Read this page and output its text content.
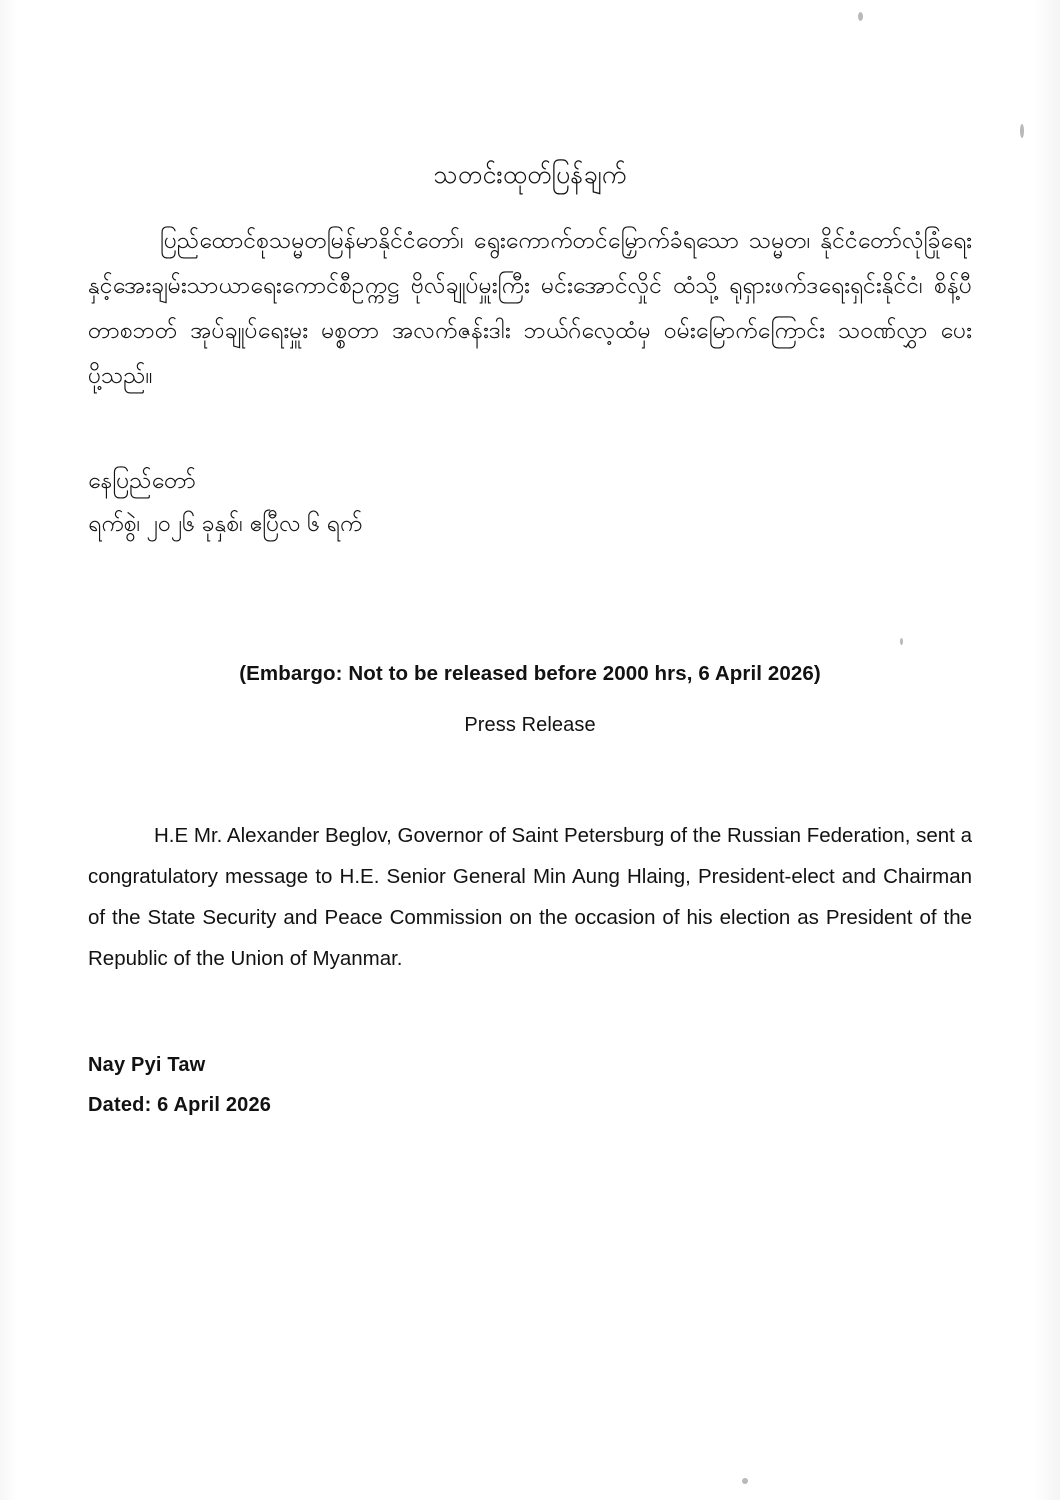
သတင်းထုတ်ပြန်ချက်
ပြည်ထောင်စုသမ္မတမြန်မာနိုင်ငံတော်၊ ရွေးကောက်တင်မြှောက်ခံရသော သမ္မတ၊ နိုင်ငံတော်လုံခြုံရေးနှင့်အေးချမ်းသာယာရေးကောင်စီဥက္ကဋ္ဌ ဗိုလ်ချုပ်မှူးကြီး မင်းအောင်လှိုင် ထံသို့ ရုရှားဖက်ဒရေးရှင်းနိုင်ငံ၊ စိန့်ပီတာစဘတ် အုပ်ချုပ်ရေးမှူး မစ္စတာ အလက်ဇန်းဒါး ဘယ်ဂ်လေ့ထံမှ ဝမ်းမြောက်ကြောင်း သဝဏ်လွှာ ပေးပို့သည်။
နေပြည်တော်
ရက်စွဲ၊ ၂၀၂၆ ခုနှစ်၊ ဧပြီလ ၆ ရက်
(Embargo: Not to be released before 2000 hrs, 6 April 2026)
Press Release
H.E Mr. Alexander Beglov, Governor of Saint Petersburg of the Russian Federation, sent a congratulatory message to H.E. Senior General Min Aung Hlaing, President-elect and Chairman of the State Security and Peace Commission on the occasion of his election as President of the Republic of the Union of Myanmar.
Nay Pyi Taw
Dated: 6 April 2026
